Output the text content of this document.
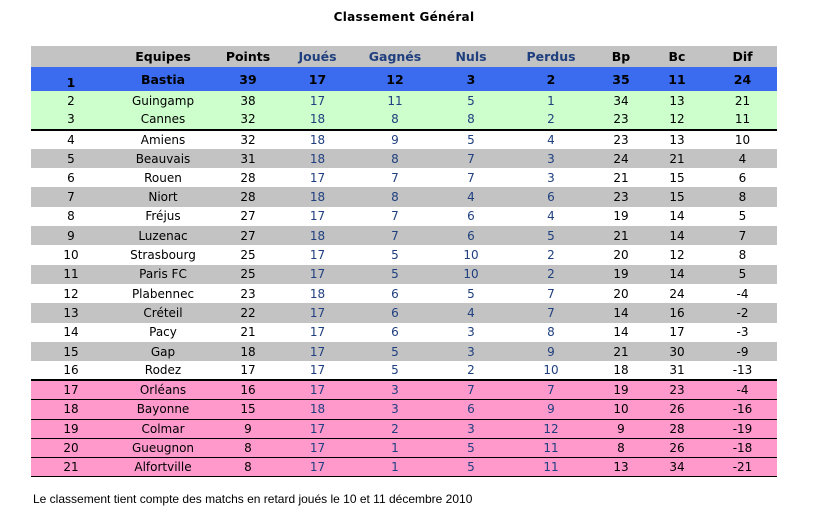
Classement Général
	Equipes	Points	Joués	Gagnés	Nuls	Perdus	Bp	Bc	Dif
1	Bastia	39	17	12	3	2	35	11	24
2	Guingamp	38	17	11	5	1	34	13	21
3	Cannes	32	18	8	8	2	23	12	11
4	Amiens	32	18	9	5	4	23	13	10
5	Beauvais	31	18	8	7	3	24	21	4
6	Rouen	28	17	7	7	3	21	15	6
7	Niort	28	18	8	4	6	23	15	8
8	Fréjus	27	17	7	6	4	19	14	5
9	Luzenac	27	18	7	6	5	21	14	7
10	Strasbourg	25	17	5	10	2	20	12	8
11	Paris FC	25	17	5	10	2	19	14	5
12	Plabennec	23	18	6	5	7	20	24	-4
13	Créteil	22	17	6	4	7	14	16	-2
14	Pacy	21	17	6	3	8	14	17	-3
15	Gap	18	17	5	3	9	21	30	-9
16	Rodez	17	17	5	2	10	18	31	-13
17	Orléans	16	17	3	7	7	19	23	-4
18	Bayonne	15	18	3	6	9	10	26	-16
19	Colmar	9	17	2	3	12	9	28	-19
20	Gueugnon	8	17	1	5	11	8	26	-18
21	Alfortville	8	17	1	5	11	13	34	-21
Le classement tient compte des matchs en retard joués le 10 et 11 décembre 2010
